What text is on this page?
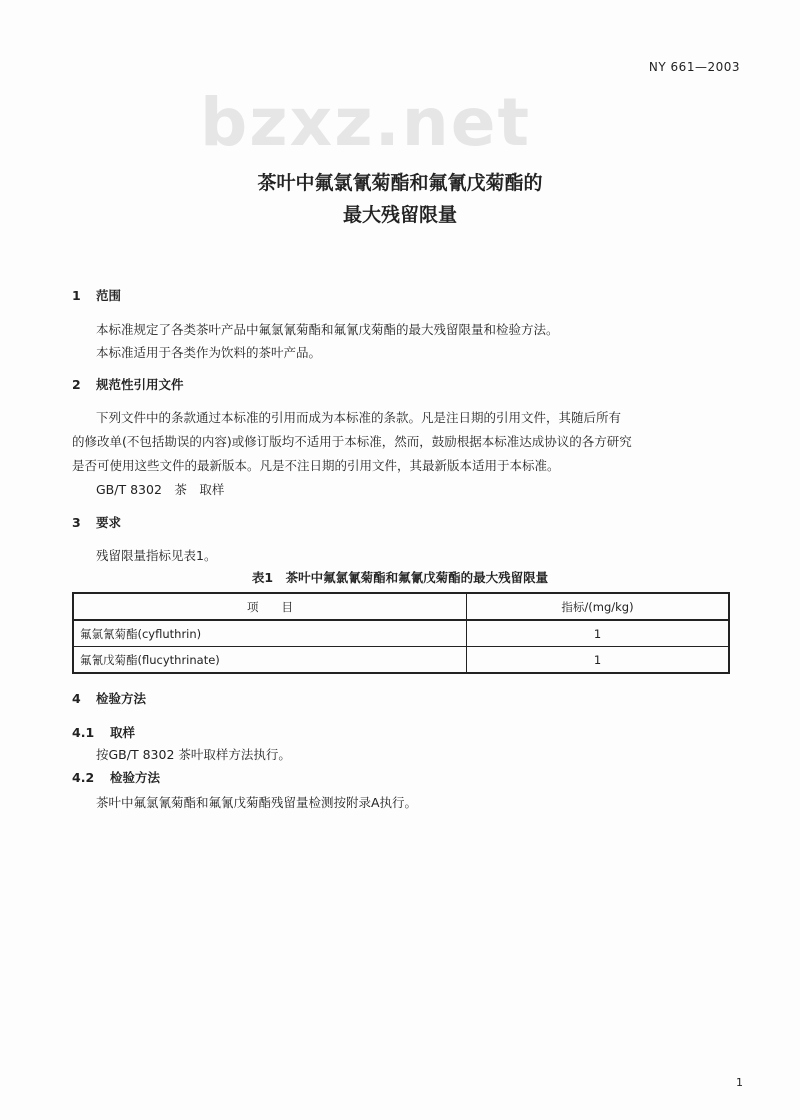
bzxz.net
NY 661—2003
茶叶中氟氯氰菊酯和氟氰戊菊酯的
最大残留限量
1 范围
本标准规定了各类茶叶产品中氟氯氰菊酯和氟氰戊菊酯的最大残留限量和检验方法。
本标准适用于各类作为饮料的茶叶产品。
2 规范性引用文件
下列文件中的条款通过本标准的引用而成为本标准的条款。凡是注日期的引用文件，其随后所有
的修改单(不包括勘误的内容)或修订版均不适用于本标准，然而，鼓励根据本标准达成协议的各方研究
是否可使用这些文件的最新版本。凡是不注日期的引用文件，其最新版本适用于本标准。
GB/T 8302　茶　取样
3 要求
残留限量指标见表1。
表1　茶叶中氟氯氰菊酯和氟氰戊菊酯的最大残留限量
项　　目	指标/(mg/kg)
氟氯氰菊酯(cyfluthrin)	1
氟氰戊菊酯(flucythrinate)	1
4 检验方法
4.1 取样
按GB/T 8302 茶叶取样方法执行。
4.2 检验方法
茶叶中氟氯氰菊酯和氟氰戊菊酯残留量检测按附录A执行。
1
